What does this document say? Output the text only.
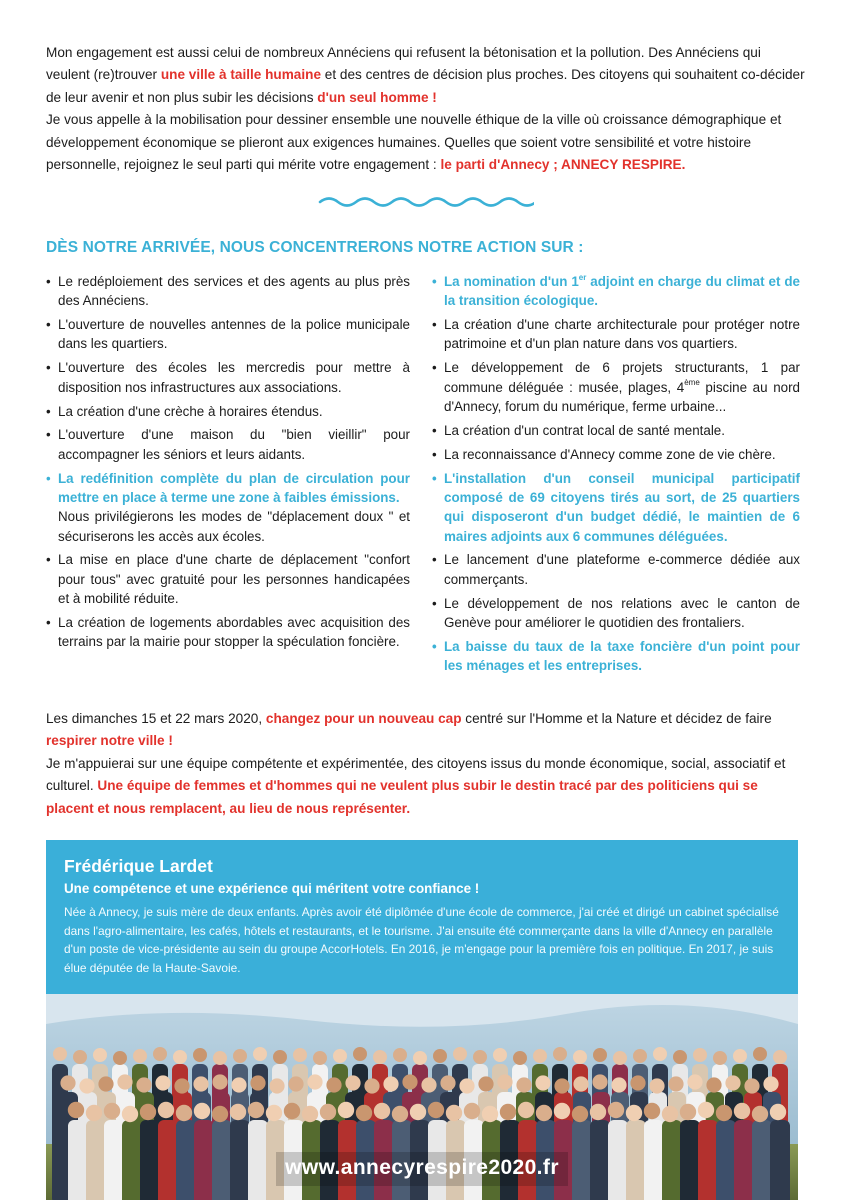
Mon engagement est aussi celui de nombreux Annéciens qui refusent la bétonisation et la pollution. Des Annéciens qui veulent (re)trouver une ville à taille humaine et des centres de décision plus proches. Des citoyens qui souhaitent co-décider de leur avenir et non plus subir les décisions d'un seul homme !

Je vous appelle à la mobilisation pour dessiner ensemble une nouvelle éthique de la ville où croissance démographique et développement économique se plieront aux exigences humaines. Quelles que soient votre sensibilité et votre histoire personnelle, rejoignez le seul parti qui mérite votre engagement : le parti d'Annecy ; ANNECY RESPIRE.

DÈS NOTRE ARRIVÉE, NOUS CONCENTRERONS NOTRE ACTION SUR :
• Le redéploiement des services et des agents au plus près des Annéciens.
• L'ouverture de nouvelles antennes de la police municipale dans les quartiers.
• L'ouverture des écoles les mercredis pour mettre à disposition nos infrastructures aux associations.
• La création d'une crèche à horaires étendus.
• L'ouverture d'une maison du "bien vieillir" pour accompagner les séniors et leurs aidants.
• La redéfinition complète du plan de circulation pour mettre en place à terme une zone à faibles émissions.
Nous privilégierons les modes de "déplacement doux " et sécuriserons les accès aux écoles.
• La mise en place d'une charte de déplacement "confort pour tous" avec gratuité pour les personnes handicapées et à mobilité réduite.
• La création de logements abordables avec acquisition des terrains par la mairie pour stopper la spéculation foncière.
• La nomination d'un 1er adjoint en charge du climat et de la transition écologique.
• La création d'une charte architecturale pour protéger notre patrimoine et d'un plan nature dans vos quartiers.
• Le développement de 6 projets structurants, 1 par commune déléguée : musée, plages, 4ème piscine au nord d'Annecy, forum du numérique, ferme urbaine...
• La création d'un contrat local de santé mentale.
• La reconnaissance d'Annecy comme zone de vie chère.
• L'installation d'un conseil municipal participatif composé de 69 citoyens tirés au sort, de 25 quartiers qui disposeront d'un budget dédié, le maintien de 6 maires adjoints aux 6 communes déléguées.
• Le lancement d'une plateforme e-commerce dédiée aux commerçants.
• Le développement de nos relations avec le canton de Genève pour améliorer le quotidien des frontaliers.
• La baisse du taux de la taxe foncière d'un point pour les ménages et les entreprises.

Les dimanches 15 et 22 mars 2020, changez pour un nouveau cap centré sur l'Homme et la Nature et décidez de faire respirer notre ville !

Je m'appuierai sur une équipe compétente et expérimentée, des citoyens issus du monde économique, social, associatif et culturel. Une équipe de femmes et d'hommes qui ne veulent plus subir le destin tracé par des politiciens qui se placent et nous remplacent, au lieu de nous représenter.

Frédérique Lardet
Une compétence et une expérience qui méritent votre confiance !
Née à Annecy, je suis mère de deux enfants. Après avoir été diplômée d'une école de commerce, j'ai créé et dirigé un cabinet spécialisé dans l'agro-alimentaire, les cafés, hôtels et restaurants, et le tourisme. J'ai ensuite été commerçante dans la ville d'Annecy en parallèle d'un poste de vice-présidente au sein du groupe AccorHotels. En 2016, je m'engage pour la première fois en politique. En 2017, je suis élue députée de la Haute-Savoie.
www.annecyrespire2020.fr
